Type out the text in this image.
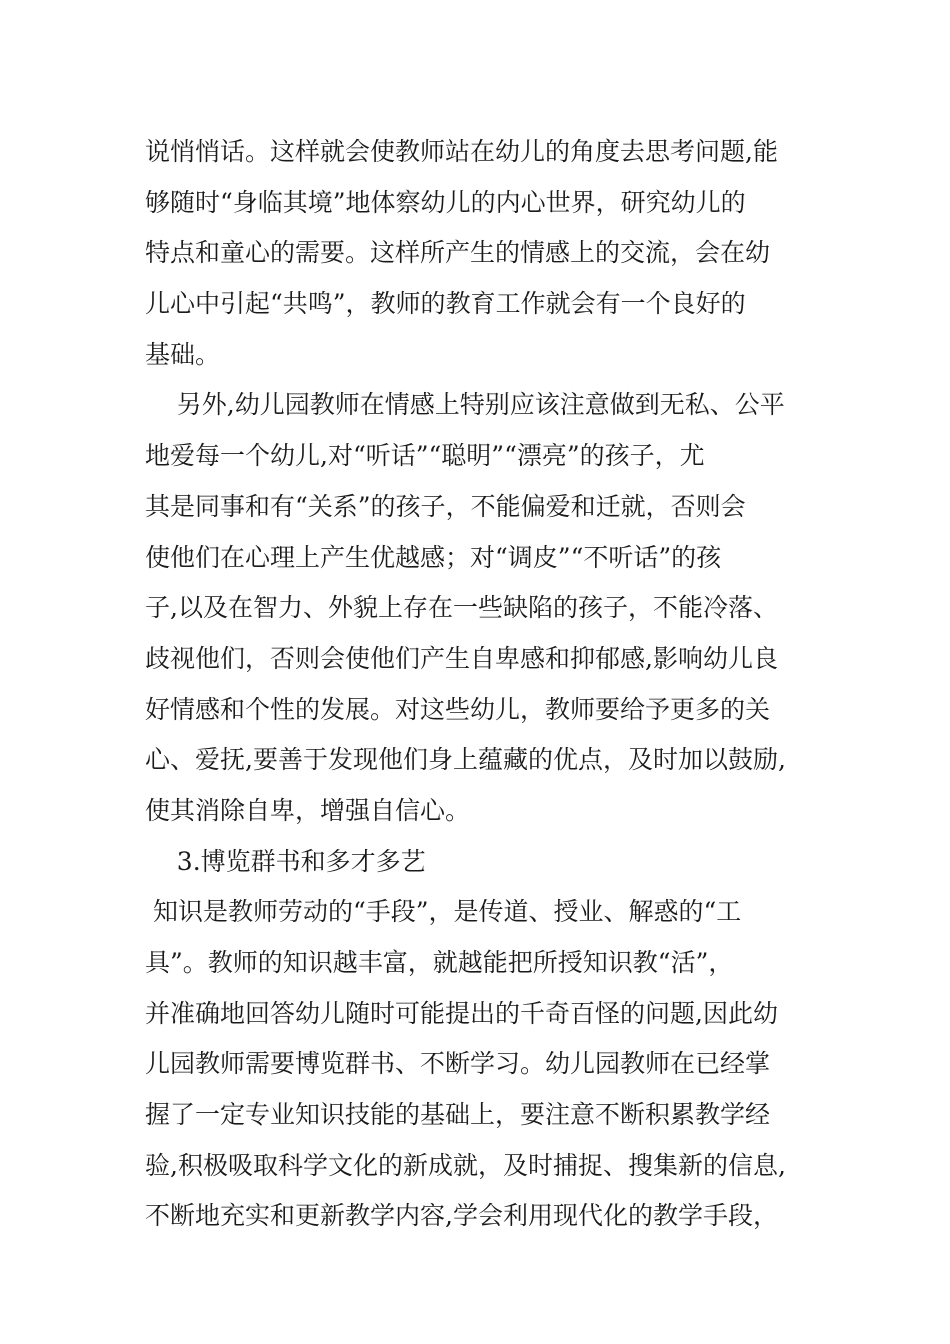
说悄悄话。这样就会使教师站在幼儿的角度去思考问题,能
够随时“身临其境”地体察幼儿的内心世界，研究幼儿的
特点和童心的需要。这样所产生的情感上的交流，会在幼
儿心中引起“共鸣”，教师的教育工作就会有一个良好的
基础。
另外,幼儿园教师在情感上特别应该注意做到无私、公平
地爱每一个幼儿,对“听话”“聪明”“漂亮”的孩子，尤
其是同事和有“关系”的孩子，不能偏爱和迁就，否则会
使他们在心理上产生优越感；对“调皮”“不听话”的孩
子,以及在智力、外貌上存在一些缺陷的孩子，不能冷落、
歧视他们，否则会使他们产生自卑感和抑郁感,影响幼儿良
好情感和个性的发展。对这些幼儿，教师要给予更多的关
心、爱抚,要善于发现他们身上蕴藏的优点，及时加以鼓励,
使其消除自卑，增强自信心。
3.博览群书和多才多艺
知识是教师劳动的“手段”，是传道、授业、解惑的“工
具”。教师的知识越丰富，就越能把所授知识教“活”，
并准确地回答幼儿随时可能提出的千奇百怪的问题,因此幼
儿园教师需要博览群书、不断学习。幼儿园教师在已经掌
握了一定专业知识技能的基础上，要注意不断积累教学经
验,积极吸取科学文化的新成就，及时捕捉、搜集新的信息,
不断地充实和更新教学内容,学会利用现代化的教学手段，
